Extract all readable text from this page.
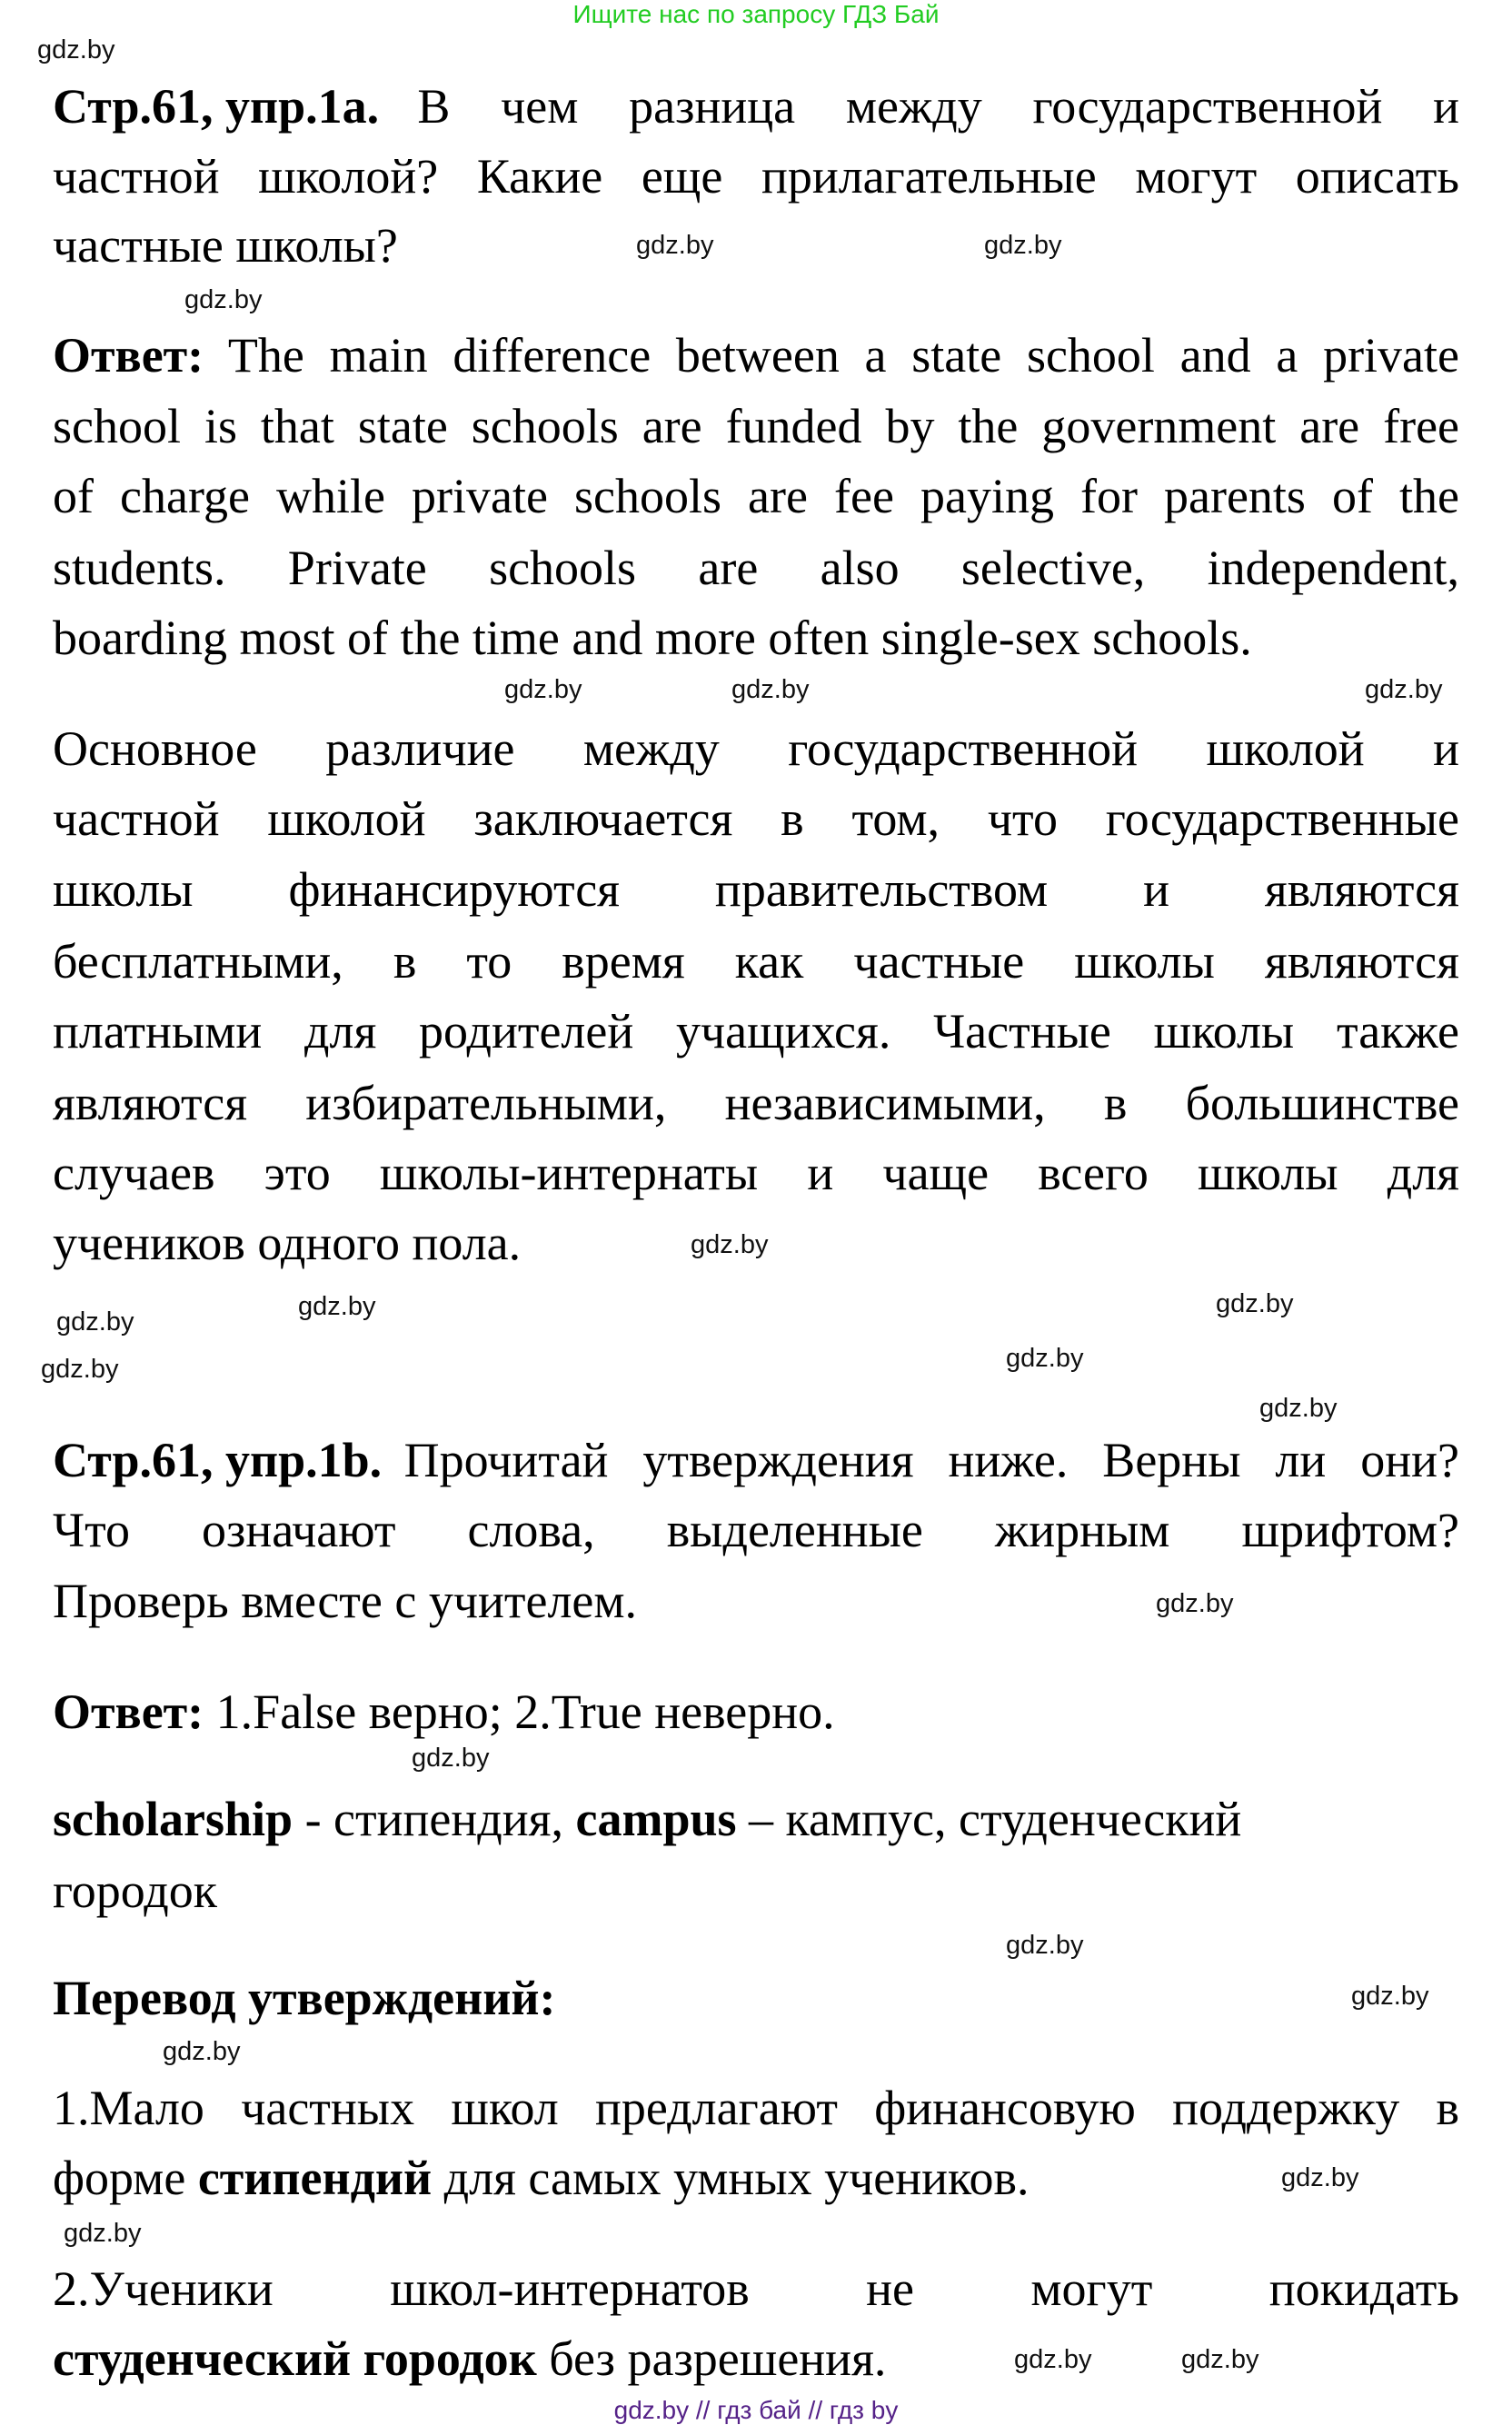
Ищите нас по запросу ГДЗ Бай
Стр.61, упр.1а. В чем разница между государственной и
частной школой? Какие еще прилагательные могут описать
частные школы?
Ответ: The main difference between a state school and a private
school is that state schools are funded by the government are free
of charge while private schools are fee paying for parents of the
students. Private schools are also selective, independent,
boarding most of the time and more often single-sex schools.
Основное различие между государственной школой и
частной школой заключается в том, что государственные
школы финансируются правительством и являются
бесплатными, в то время как частные школы являются
платными для родителей учащихся. Частные школы также
являются избирательными, независимыми, в большинстве
случаев это школы-интернаты и чаще всего школы для
учеников одного пола.
Стр.61, упр.1b. Прочитай утверждения ниже. Верны ли они?
Что означают слова, выделенные жирным шрифтом?
Проверь вместе с учителем.
Ответ: 1.False верно; 2.True неверно.
scholarship - стипендия, campus – кампус, студенческий
городок
Перевод утверждений:
1.Мало частных школ предлагают финансовую поддержку в
форме стипендий для самых умных учеников.
2.Ученики школ-интернатов не могут покидать
студенческий городок без разрешения.
gdz.by
gdz.by
gdz.by
gdz.by
gdz.by	gdz.by
gdz.by
gdz.by
gdz.by
gdz.by
gdz.by
gdz.by
gdz.by
gdz.by
gdz.by
gdz.by
gdz.by
gdz.by
gdz.by
gdz.by
gdz.by
gdz.by
gdz.by
gdz.by // гдз бай // гдз by
